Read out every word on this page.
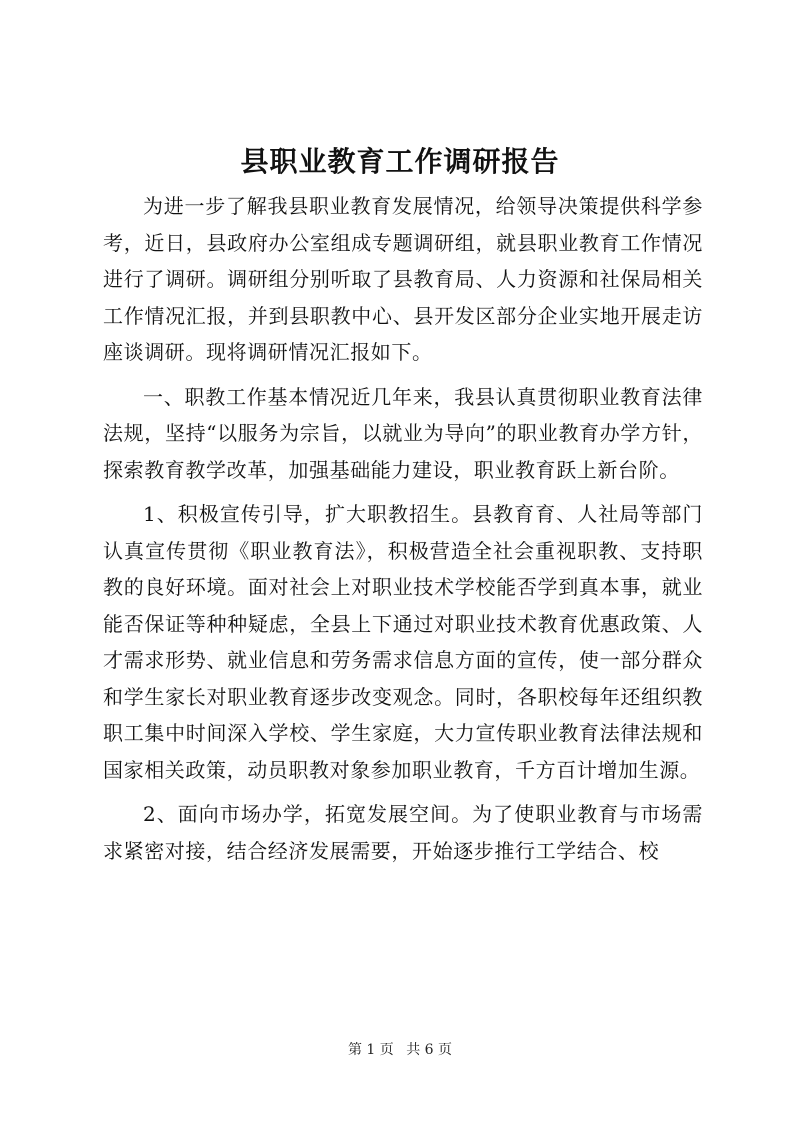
县职业教育工作调研报告

为进一步了解我县职业教育发展情况，给领导决策提供科学参考，近日，县政府办公室组成专题调研组，就县职业教育工作情况进行了调研。调研组分别听取了县教育局、人力资源和社保局相关工作情况汇报，并到县职教中心、县开发区部分企业实地开展走访座谈调研。现将调研情况汇报如下。

一、职教工作基本情况近几年来，我县认真贯彻职业教育法律法规，坚持“以服务为宗旨，以就业为导向”的职业教育办学方针，探索教育教学改革，加强基础能力建设，职业教育跃上新台阶。

1、积极宣传引导，扩大职教招生。县教育育、人社局等部门认真宣传贯彻《职业教育法》，积极营造全社会重视职教、支持职教的良好环境。面对社会上对职业技术学校能否学到真本事，就业能否保证等种种疑虑，全县上下通过对职业技术教育优惠政策、人才需求形势、就业信息和劳务需求信息方面的宣传，使一部分群众和学生家长对职业教育逐步改变观念。同时，各职校每年还组织教职工集中时间深入学校、学生家庭，大力宣传职业教育法律法规和国家相关政策，动员职教对象参加职业教育，千方百计增加生源。

2、面向市场办学，拓宽发展空间。为了使职业教育与市场需求紧密对接，结合经济发展需要，开始逐步推行工学结合、校

第 1 页 共 6 页
